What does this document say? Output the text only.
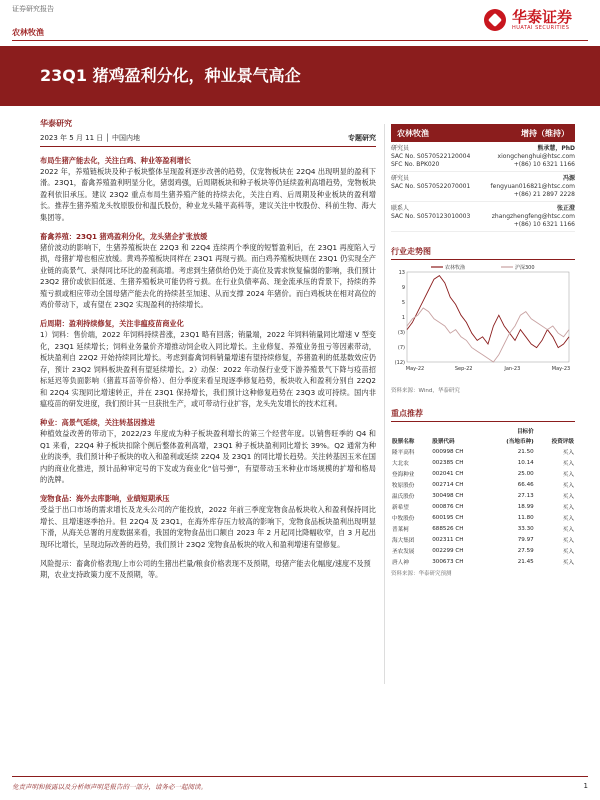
证券研究报告
农林牧渔
华泰证券
HUATAI SECURITIES
23Q1 猪鸡盈利分化，种业景气高企
华泰研究
2023 年 5 月 11 日 │ 中国内地	专题研究
布局生猪产能去化，关注白鸡、种业等盈利增长
2022 年，养殖链板块及种子板块整体呈现盈利逐步改善的趋势，仅宠物板块在 22Q4 出现明显的盈利下滑。23Q1，畜禽养殖盈利明显分化，猪弱鸡强，后周期板块和种子板块等仍延续盈利高增趋势，宠物板块盈利依旧承压。建议 23Q2 重点布局生猪养殖产能的持续去化，关注白鸡、后周期及种业板块的盈利增长。推荐生猪养殖龙头牧原股份和温氏股份，种业龙头隆平高科等，建议关注中牧股份、科前生物、海大集团等。
畜禽养殖：23Q1 猪鸡盈利分化，龙头猪企扩张放缓
猪价波动的影响下，生猪养殖板块在 22Q3 和 22Q4 连续两个季度的短暂盈利后，在 23Q1 再度陷入亏损，母猪扩增也相应放缓。黄鸡养殖板块同样在 23Q1 再现亏损。而白鸡养殖板块则在 23Q1 仍实现全产业链的高景气、录得同比环比的盈利高增。考虑到生猪供给仍处于高位及需求恢复偏弱的影响，我们预计 23Q2 猪价或依旧低迷、生猪养殖板块可能仍将亏损。在行业负债率高、现金流承压的背景下，持续的养殖亏损或相应带动全国母猪产能去化的持续甚至加速、从而支撑 2024 年猪价。而白鸡板块在相对高位的鸡价带动下，或有望在 23Q2 实现盈利的持续增长。
后周期：盈利持续修复，关注非瘟疫苗商业化
1）饲料：售价端，2022 年饲料持续普涨，23Q1 略有回落；销量端，2022 年饲料销量同比增速 V 型变化，23Q1 延续增长；饲料业务量价齐增推动饲企收入同比增长。主业修复、养殖业务扭亏等因素带动，板块盈利自 22Q2 开始持续同比增长。考虑到畜禽饲料销量增速有望持续修复，养猪盈利的低基数效应仍存，预计 23Q2 饲料板块盈利有望延续增长。2）动保：2022 年动保行业受下游养殖景气下降与疫苗招标延迟等负面影响（猪蓝耳苗等价格）、但分季度来看呈现逐季修复趋势，板块收入和盈利分别自 22Q2 和 22Q4 实现同比增速转正，并在 23Q1 保持增长，我们预计这种修复趋势在 23Q3 或可持续。国内非瘟疫苗的研发进度，我们预计其一旦获批生产，或可带动行业扩容，龙头先发增长的技术红利。
种业：高景气延续，关注转基因推进
种植效益改善的带动下，2022/23 年度成为种子板块盈利增长的第三个经营年度。以销售旺季的 Q4 和 Q1 来看，22Q4 种子板块扣除个例后整体盈利高增，23Q1 种子板块盈利同比增长 39%。Q2 通常为种业的淡季，我们预计种子板块的收入和盈利或延续 22Q4 及 23Q1 的同比增长趋势。关注转基因玉米在国内的商业化推进，预计品种审定号的下发或为商业化“信号弹”，有望带动玉米种业市场规模的扩增和格局的洗牌。
宠物食品：海外去库影响，业绩短期承压
受益于出口市场的需求增长及龙头公司的产能投放，2022 年前三季度宠物食品板块收入和盈利保持同比增长、且增速逐季抬升。但 22Q4 及 23Q1，在海外库存压力较高的影响下，宠物食品板块盈利出现明显下滑，从海关总署的月度数据来看，我国的宠物食品出口额自 2023 年 2 月起同比降幅收窄，自 3 月起出现环比增长，呈现边际改善的趋势，我们预计 23Q2 宠物食品板块的收入和盈利增速有望修复。
风险提示：畜禽价格表现/上市公司的生猪出栏量/粮食价格表现不及预期，母猪产能去化幅度/速度不及预期，农业支持政策力度不及预期，等。
农林牧渔	增持（维持）
研究员	熊承慧，PhD
SAC No. S0570522120004	xiongchenghui@htsc.com
SFC No. BPK020	+(86) 10 6321 1166
研究员	冯源
SAC No. S0570522070001	fengyuan016821@htsc.com
+(86) 21 2897 2228
联系人	张正澄
SAC No. S0570123010003	zhangzhengfeng@htsc.com
+(86) 10 6321 1166
行业走势图
13
9
5
1
(3)
(7)
(12)
May-22	Sep-22	Jan-23	May-23
农林牧渔	沪深300
资料来源：Wind，华泰研究
重点推荐
		目标价	
股票名称	股票代码	(当地币种)	投资评级
隆平高科	000998 CH	21.50	买入
大北农	002385 CH	10.14	买入
登海种业	002041 CH	25.00	买入
牧原股份	002714 CH	66.46	买入
温氏股份	300498 CH	27.13	买入
新希望	000876 CH	18.99	买入
中牧股份	600195 CH	11.80	买入
普莱柯	688526 CH	33.30	买入
海大集团	002311 CH	79.97	买入
圣农发展	002299 CH	27.59	买入
唐人神	300673 CH	21.45	买入
资料来源：华泰研究预测
免责声明和披露以及分析师声明是报告的一部分，请务必一起阅读。	1
